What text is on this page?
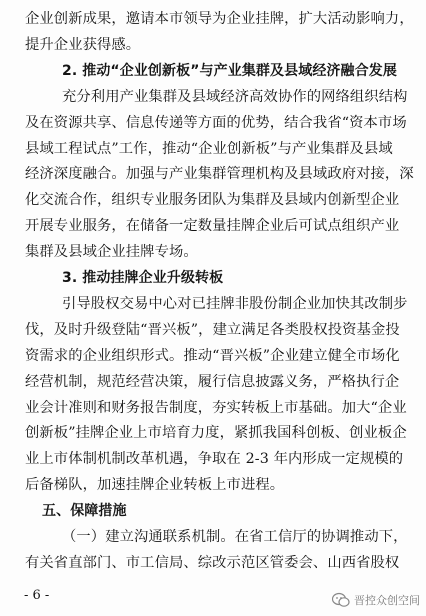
企业创新成果，邀请本市领导为企业挂牌，扩大活动影响力，
提升企业获得感。
2. 推动“企业创新板”与产业集群及县域经济融合发展
充分利用产业集群及县域经济高效协作的网络组织结构
及在资源共享、信息传递等方面的优势，结合我省“资本市场
县域工程试点”工作，推动“企业创新板”与产业集群及县域
经济深度融合。加强与产业集群管理机构及县域政府对接，深
化交流合作，组织专业服务团队为集群及县域内创新型企业
开展专业服务，在储备一定数量挂牌企业后可试点组织产业
集群及县域企业挂牌专场。
3. 推动挂牌企业升级转板
引导股权交易中心对已挂牌非股份制企业加快其改制步
伐，及时升级登陆“晋兴板”，建立满足各类股权投资基金投
资需求的企业组织形式。推动“晋兴板”企业建立健全市场化
经营机制，规范经营决策，履行信息披露义务，严格执行企
业会计准则和财务报告制度，夯实转板上市基础。加大“企业
创新板”挂牌企业上市培育力度，紧抓我国科创板、创业板企
业上市体制机制改革机遇，争取在 2-3 年内形成一定规模的
后备梯队，加速挂牌企业转板上市进程。
五、保障措施
（一）建立沟通联系机制。在省工信厅的协调推动下，
有关省直部门、市工信局、综改示范区管委会、山西省股权
- 6 -	晋控众创空间
